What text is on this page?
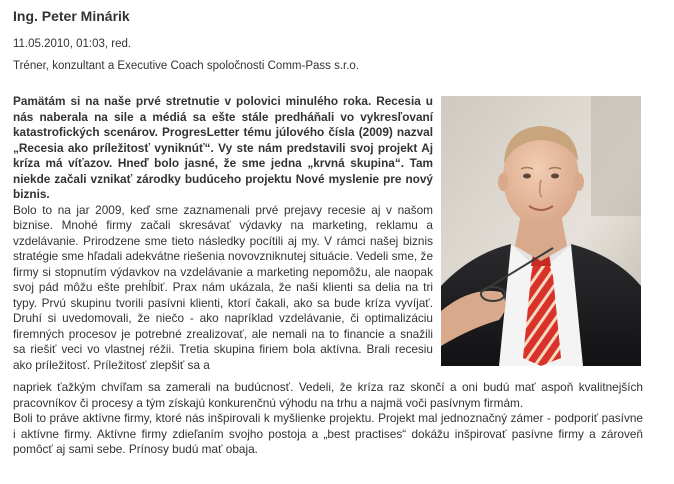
Ing. Peter Minárik
11.05.2010, 01:03, red.
Tréner, konzultant a Executive Coach spoločnosti Comm-Pass s.r.o.

Pamätám si na naše prvé stretnutie v polovici minulého roka. Recesia u nás naberala na sile a médiá sa ešte stále predháňali vo vykresľovaní katastrofických scenárov. ProgresLetter tému júlového čísla (2009) nazval „Recesia ako príležitosť vyniknúť“. Vy ste nám predstavili svoj projekt Aj kríza má víťazov. Hneď bolo jasné, že sme jedna „krvná skupina“. Tam niekde začali vznikať zárodky budúceho projektu Nové myslenie pre nový biznis.

Bolo to na jar 2009, keď sme zaznamenali prvé prejavy recesie aj v našom biznise. Mnohé firmy začali skresávať výdavky na marketing, reklamu a vzdelávanie. Prirodzene sme tieto následky pocítili aj my. V rámci našej biznis stratégie sme hľadali adekvátne riešenia novovzniknutej situácie. Vedeli sme, že firmy si stopnutím výdavkov na vzdelávanie a marketing nepomôžu, ale naopak svoj pád môžu ešte prehĺbiť. Prax nám ukázala, že naši klienti sa delia na tri typy. Prvú skupinu tvorili pasívni klienti, ktorí čakali, ako sa bude kríza vyvíjať. Druhí si uvedomovali, že niečo - ako napríklad vzdelávanie, či optimalizáciu firemných procesov je potrebné zrealizovať, ale nemali na to financie a snažili sa riešiť veci vo vlastnej réžii. Tretia skupina firiem bola aktívna. Brali recesiu ako príležitosť. Príležitosť zlepšiť sa a

napriek ťažkým chvíľam sa zamerali na budúcnosť. Vedeli, že kríza raz skončí a oni budú mať aspoň kvalitnejších pracovníkov či procesy a tým získajú konkurenčnú výhodu na trhu a najmä voči pasívnym firmám.

Boli to práve aktívne firmy, ktoré nás inšpirovali k myšlienke projektu. Projekt mal jednoznačný zámer - podporiť pasívne i aktívne firmy. Aktívne firmy zdieľaním svojho postoja a „best practises“ dokážu inšpirovať pasívne firmy a zároveň pomôcť aj sami sebe. Prínosy budú mať obaja.
